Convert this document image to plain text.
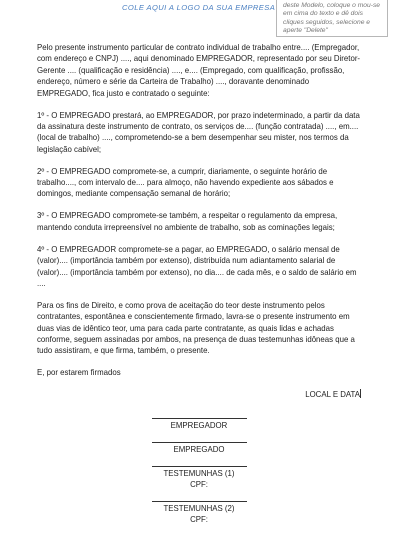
COLE AQUI A LOGO DA SUA EMPRESA	deste Modelo, coloque o mou-se em cima do texto e dê dois cliques seguidos, selecione e aperte "Delete"

Pelo presente instrumento particular de contrato individual de trabalho entre.... (Empregador, com endereço e CNPJ) ...., aqui denominado EMPREGADOR, representado por seu Diretor-Gerente .... (qualificação e residência) ...., e.... (Empregado, com qualificação, profissão, endereço, número e série da Carteira de Trabalho) ...., doravante denominado EMPREGADO, fica justo e contratado o seguinte:

1º - O EMPREGADO prestará, ao EMPREGADOR, por prazo indeterminado, a partir da data da assinatura deste instrumento de contrato, os serviços de.... (função contratada) ...., em.... (local de trabalho) ...., comprometendo-se a bem desempenhar seu mister, nos termos da legislação cabível;

2º - O EMPREGADO compromete-se, a cumprir, diariamente, o seguinte horário de trabalho...., com intervalo de.... para almoço, não havendo expediente aos sábados e domingos, mediante compensação semanal de horário;

3º - O EMPREGADO compromete-se também, a respeitar o regulamento da empresa, mantendo conduta irrepreensível no ambiente de trabalho, sob as cominações legais;

4º - O EMPREGADOR compromete-se a pagar, ao EMPREGADO, o salário mensal de (valor).... (importância também por extenso), distribuída num adiantamento salarial de (valor).... (importância também por extenso), no dia.... de cada mês, e o saldo de salário em ....

Para os fins de Direito, e como prova de aceitação do teor deste instrumento pelos contratantes, espontânea e conscientemente firmado, lavra-se o presente instrumento em duas vias de idêntico teor, uma para cada parte contratante, as quais lidas e achadas conforme, seguem assinadas por ambos, na presença de duas testemunhas idôneas que a tudo assistiram, e que firma, também, o presente.

E, por estarem firmados

LOCAL E DATA
EMPREGADOR
EMPREGADO
TESTEMUNHAS (1)
CPF:
TESTEMUNHAS (2)
CPF:
